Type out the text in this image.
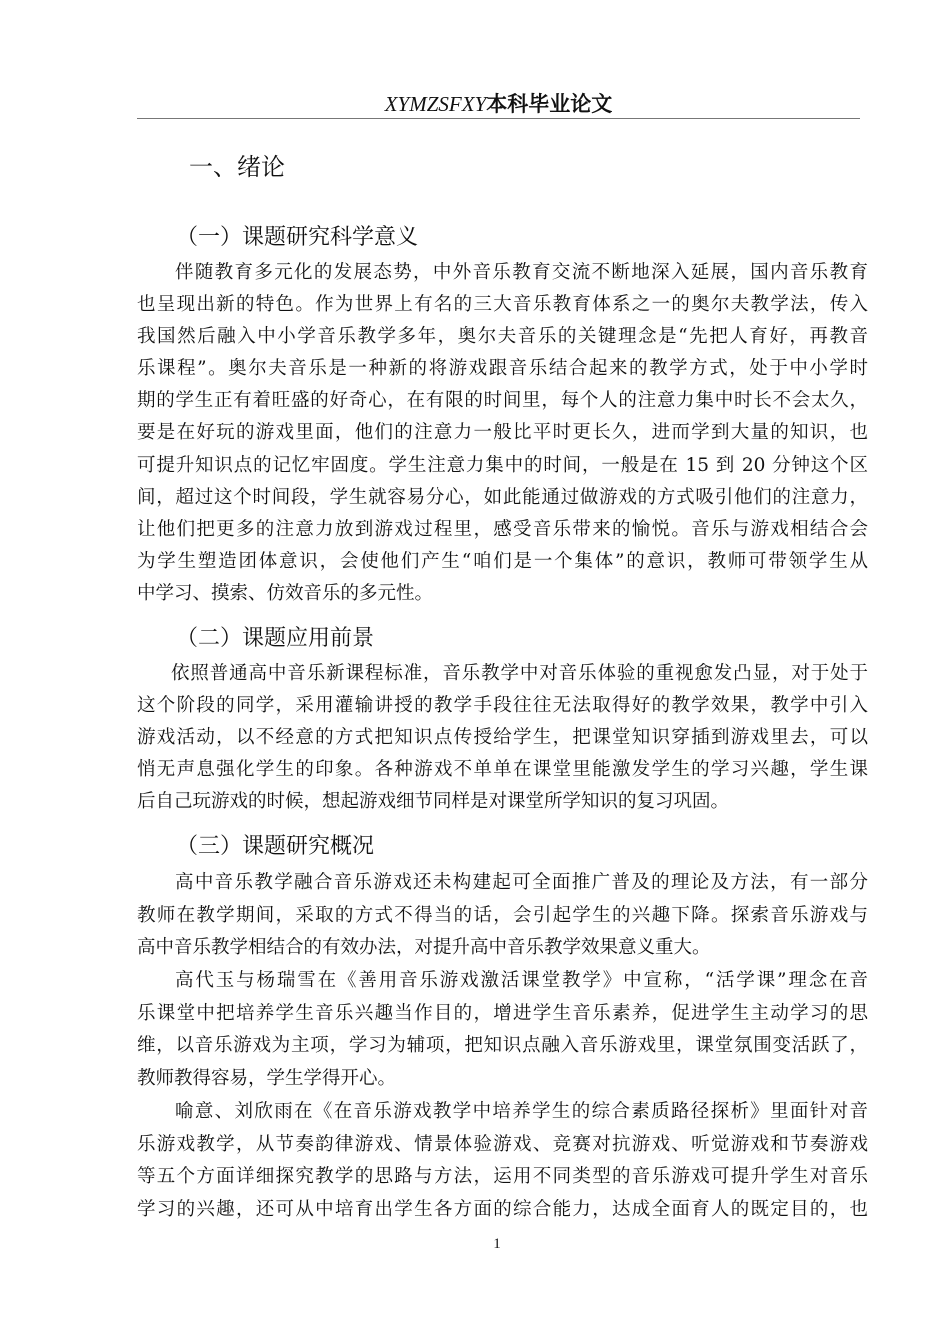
XYMZSFXY本科毕业论文
一、绪论
（一）课题研究科学意义
伴随教育多元化的发展态势，中外音乐教育交流不断地深入延展，国内音乐教育
也呈现出新的特色。作为世界上有名的三大音乐教育体系之一的奥尔夫教学法，传入
我国然后融入中小学音乐教学多年，奥尔夫音乐的关键理念是“先把人育好，再教音
乐课程”。奥尔夫音乐是一种新的将游戏跟音乐结合起来的教学方式，处于中小学时
期的学生正有着旺盛的好奇心，在有限的时间里，每个人的注意力集中时长不会太久，
要是在好玩的游戏里面，他们的注意力一般比平时更长久，进而学到大量的知识，也
可提升知识点的记忆牢固度。学生注意力集中的时间，一般是在 15 到 20 分钟这个区
间，超过这个时间段，学生就容易分心，如此能通过做游戏的方式吸引他们的注意力，
让他们把更多的注意力放到游戏过程里，感受音乐带来的愉悦。音乐与游戏相结合会
为学生塑造团体意识，会使他们产生“咱们是一个集体”的意识，教师可带领学生从
中学习、摸索、仿效音乐的多元性。
（二）课题应用前景
依照普通高中音乐新课程标准，音乐教学中对音乐体验的重视愈发凸显，对于处于
这个阶段的同学，采用灌输讲授的教学手段往往无法取得好的教学效果，教学中引入
游戏活动，以不经意的方式把知识点传授给学生，把课堂知识穿插到游戏里去，可以
悄无声息强化学生的印象。各种游戏不单单在课堂里能激发学生的学习兴趣，学生课
后自己玩游戏的时候，想起游戏细节同样是对课堂所学知识的复习巩固。
（三）课题研究概况
高中音乐教学融合音乐游戏还未构建起可全面推广普及的理论及方法，有一部分
教师在教学期间，采取的方式不得当的话，会引起学生的兴趣下降。探索音乐游戏与
高中音乐教学相结合的有效办法，对提升高中音乐教学效果意义重大。
高代玉与杨瑞雪在《善用音乐游戏激活课堂教学》中宣称，“活学课”理念在音
乐课堂中把培养学生音乐兴趣当作目的，增进学生音乐素养，促进学生主动学习的思
维，以音乐游戏为主项，学习为辅项，把知识点融入音乐游戏里，课堂氛围变活跃了，
教师教得容易，学生学得开心。
喻意、刘欣雨在《在音乐游戏教学中培养学生的综合素质路径探析》里面针对音
乐游戏教学，从节奏韵律游戏、情景体验游戏、竞赛对抗游戏、听觉游戏和节奏游戏
等五个方面详细探究教学的思路与方法，运用不同类型的音乐游戏可提升学生对音乐
学习的兴趣，还可从中培育出学生各方面的综合能力，达成全面育人的既定目的，也
1
